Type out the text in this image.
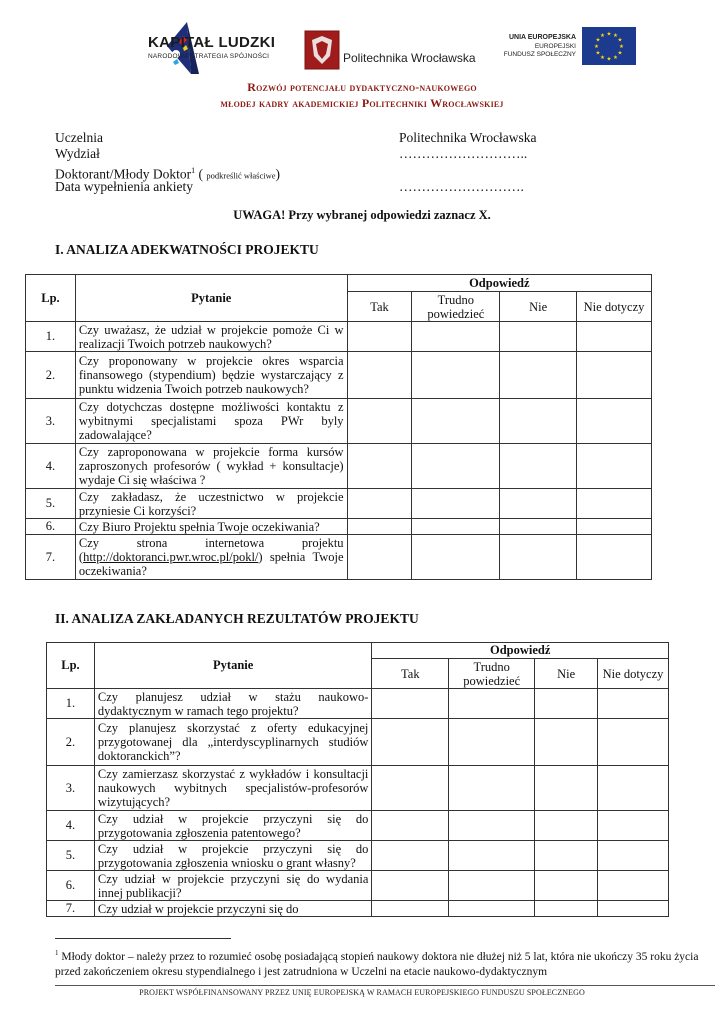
KAPITAŁ LUDZKI
NARODOWA STRATEGIA SPÓJNOŚCI	Politechnika Wrocławska
UNIA EUROPEJSKA
EUROPEJSKI
FUNDUSZ SPOŁECZNY
★ ★
★
★
★
★
★
★
★
★
★
★
Rozwój potencjału dydaktyczno-naukowego
młodej kadry akademickiej Politechniki Wrocławskiej
Uczelnia	Politechnika Wrocławska
Wydział	………………………..
Doktorant/Młody Doktor$^1$ ( podkreślić właściwe)
Data wypełnienia ankiety	……………………….
UWAGA! Przy wybranej odpowiedzi zaznacz X.
I. ANALIZA ADEKWATNOŚCI PROJEKTU
Lp.	Pytanie	Odpowiedź			
		Tak	Trudno powiedzieć	Nie	Nie dotyczy
1.	Czy uważasz, że udział w projekcie pomoże Ci w realizacji Twoich potrzeb naukowych?				
2.	Czy proponowany w projekcie okres wsparcia finansowego (stypendium) będzie wystarczający z punktu widzenia Twoich potrzeb naukowych?				
3.	Czy dotychczas dostępne możliwości kontaktu z wybitnymi specjalistami spoza PWr byly zadowalające?				
4.	Czy zaproponowana w projekcie forma kursów zaproszonych profesorów ( wykład + konsultacje) wydaje Ci się właściwa ?				
5.	Czy zakładasz, że uczestnictwo w projekcie przyniesie Ci korzyści?				
6.	Czy Biuro Projektu spełnia Twoje oczekiwania?				
7.	Czy strona internetowa projektu (http://doktoranci.pwr.wroc.pl/pokl/) spełnia Twoje oczekiwania?				
II. ANALIZA ZAKŁADANYCH REZULTATÓW PROJEKTU
Lp.	Pytanie	Odpowiedź			
		Tak	Trudno powiedzieć	Nie	Nie dotyczy
1.	Czy planujesz udział w stażu naukowo-dydaktycznym w ramach tego projektu?				
2.	Czy planujesz skorzystać z oferty edukacyjnej przygotowanej dla „interdyscyplinarnych studiów doktoranckich”?				
3.	Czy zamierzasz skorzystać z wykładów i konsultacji naukowych wybitnych specjalistów-profesorów wizytujących?				
4.	Czy udział w projekcie przyczyni się do przygotowania zgłoszenia patentowego?				
5.	Czy udział w projekcie przyczyni się do przygotowania zgłoszenia wniosku o grant własny?				
6.	Czy udział w projekcie przyczyni się do wydania innej publikacji?				
7.	Czy udział w projekcie przyczyni się do				
$^1$ Młody doktor – należy przez to rozumieć osobę posiadającą stopień naukowy doktora nie dłużej niż 5 lat, która nie ukończy 35 roku życia przed zakończeniem okresu stypendialnego i jest zatrudniona w Uczelni na etacie naukowo-dydaktycznym
PROJEKT WSPÓŁFINANSOWANY PRZEZ UNIĘ EUROPEJSKĄ W RAMACH EUROPEJSKIEGO FUNDUSZU SPOŁECZNEGO
